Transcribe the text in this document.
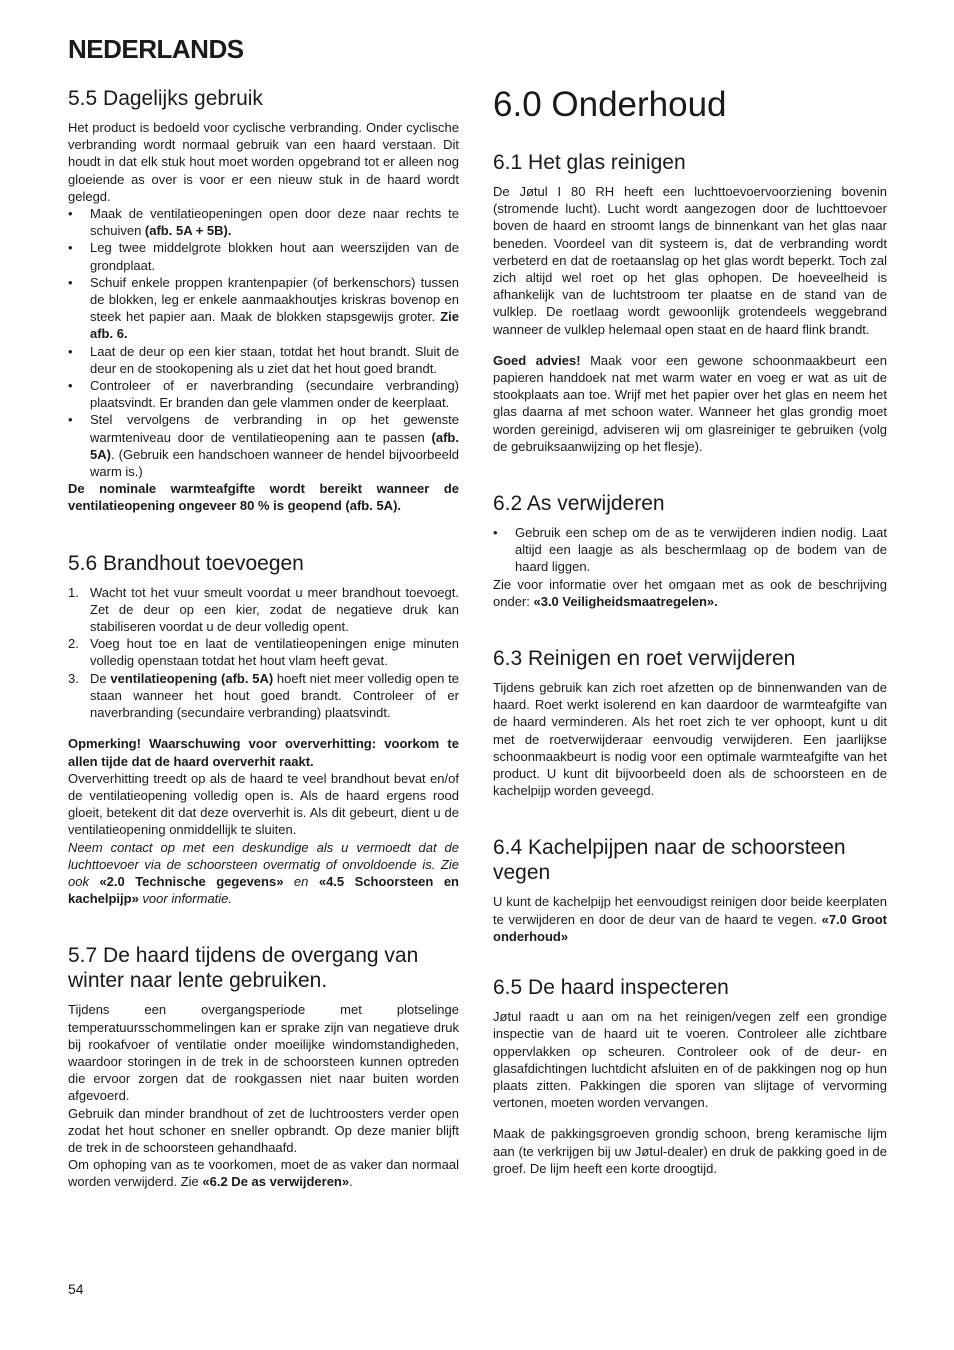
NEDERLANDS
5.5 Dagelijks gebruik

Het product is bedoeld voor cyclische verbranding. Onder cyclische verbranding wordt normaal gebruik van een haard verstaan. Dit houdt in dat elk stuk hout moet worden opgebrand tot er alleen nog gloeiende as over is voor er een nieuw stuk in de haard wordt gelegd.

• Maak de ventilatieopeningen open door deze naar rechts te schuiven (afb. 5A + 5B).
• Leg twee middelgrote blokken hout aan weerszijden van de grondplaat.
• Schuif enkele proppen krantenpapier (of berkenschors) tussen de blokken, leg er enkele aanmaakhoutjes kriskras bovenop en steek het papier aan. Maak de blokken stapsgewijs groter. Zie afb. 6.
• Laat de deur op een kier staan, totdat het hout brandt. Sluit de deur en de stookopening als u ziet dat het hout goed brandt.
• Controleer of er naverbranding (secundaire verbranding) plaatsvindt. Er branden dan gele vlammen onder de keerplaat.
• Stel vervolgens de verbranding in op het gewenste warmteniveau door de ventilatieopening aan te passen (afb. 5A). (Gebruik een handschoen wanneer de hendel bijvoorbeeld warm is.)

De nominale warmteafgifte wordt bereikt wanneer de ventilatieopening ongeveer 80 % is geopend (afb. 5A).

5.6 Brandhout toevoegen
1. Wacht tot het vuur smeult voordat u meer brandhout toevoegt. Zet de deur op een kier, zodat de negatieve druk kan stabiliseren voordat u de deur volledig opent.
2. Voeg hout toe en laat de ventilatieopeningen enige minuten volledig openstaan totdat het hout vlam heeft gevat.
3. De ventilatieopening (afb. 5A) hoeft niet meer volledig open te staan wanneer het hout goed brandt. Controleer of er naverbranding (secundaire verbranding) plaatsvindt.

Opmerking! Waarschuwing voor oververhitting: voorkom te allen tijde dat de haard oververhit raakt.

Oververhitting treedt op als de haard te veel brandhout bevat en/of de ventilatieopening volledig open is. Als de haard ergens rood gloeit, betekent dit dat deze oververhit is. Als dit gebeurt, dient u de ventilatieopening onmiddellijk te sluiten.

Neem contact op met een deskundige als u vermoedt dat de luchttoevoer via de schoorsteen overmatig of onvoldoende is. Zie ook «2.0 Technische gegevens» en «4.5 Schoorsteen en kachelpijp» voor informatie.

5.7 De haard tijdens de overgang van winter naar lente gebruiken.

Tijdens een overgangsperiode met plotselinge temperatuursschommelingen kan er sprake zijn van negatieve druk bij rookafvoer of ventilatie onder moeilijke windomstandigheden, waardoor storingen in de trek in de schoorsteen kunnen optreden die ervoor zorgen dat de rookgassen niet naar buiten worden afgevoerd.

Gebruik dan minder brandhout of zet de luchtroosters verder open zodat het hout schoner en sneller opbrandt. Op deze manier blijft de trek in de schoorsteen gehandhaafd.

Om ophoping van as te voorkomen, moet de as vaker dan normaal worden verwijderd. Zie «6.2 De as verwijderen».

6.0 Onderhoud
6.1 Het glas reinigen

De Jøtul I 80 RH heeft een luchttoevoervoorziening bovenin (stromende lucht). Lucht wordt aangezogen door de luchttoevoer boven de haard en stroomt langs de binnenkant van het glas naar beneden. Voordeel van dit systeem is, dat de verbranding wordt verbeterd en dat de roetaanslag op het glas wordt beperkt. Toch zal zich altijd wel roet op het glas ophopen. De hoeveelheid is afhankelijk van de luchtstroom ter plaatse en de stand van de vulklep. De roetlaag wordt gewoonlijk grotendeels weggebrand wanneer de vulklep helemaal open staat en de haard flink brandt.

Goed advies! Maak voor een gewone schoonmaakbeurt een papieren handdoek nat met warm water en voeg er wat as uit de stookplaats aan toe. Wrijf met het papier over het glas en neem het glas daarna af met schoon water. Wanneer het glas grondig moet worden gereinigd, adviseren wij om glasreiniger te gebruiken (volg de gebruiksaanwijzing op het flesje).

6.2 As verwijderen
• Gebruik een schep om de as te verwijderen indien nodig. Laat altijd een laagje as als beschermlaag op de bodem van de haard liggen.

Zie voor informatie over het omgaan met as ook de beschrijving onder: «3.0 Veiligheidsmaatregelen».

6.3 Reinigen en roet verwijderen

Tijdens gebruik kan zich roet afzetten op de binnenwanden van de haard. Roet werkt isolerend en kan daardoor de warmteafgifte van de haard verminderen. Als het roet zich te ver ophoopt, kunt u dit met de roetverwijderaar eenvoudig verwijderen. Een jaarlijkse schoonmaakbeurt is nodig voor een optimale warmteafgifte van het product. U kunt dit bijvoorbeeld doen als de schoorsteen en de kachelpijp worden geveegd.

6.4 Kachelpijpen naar de schoorsteen vegen

U kunt de kachelpijp het eenvoudigst reinigen door beide keerplaten te verwijderen en door de deur van de haard te vegen. «7.0 Groot onderhoud»

6.5 De haard inspecteren

Jøtul raadt u aan om na het reinigen/vegen zelf een grondige inspectie van de haard uit te voeren. Controleer alle zichtbare oppervlakken op scheuren. Controleer ook of de deur- en glasafdichtingen luchtdicht afsluiten en of de pakkingen nog op hun plaats zitten. Pakkingen die sporen van slijtage of vervorming vertonen, moeten worden vervangen.

Maak de pakkingsgroeven grondig schoon, breng keramische lijm aan (te verkrijgen bij uw Jøtul-dealer) en druk de pakking goed in de groef. De lijm heeft een korte droogtijd.

54
